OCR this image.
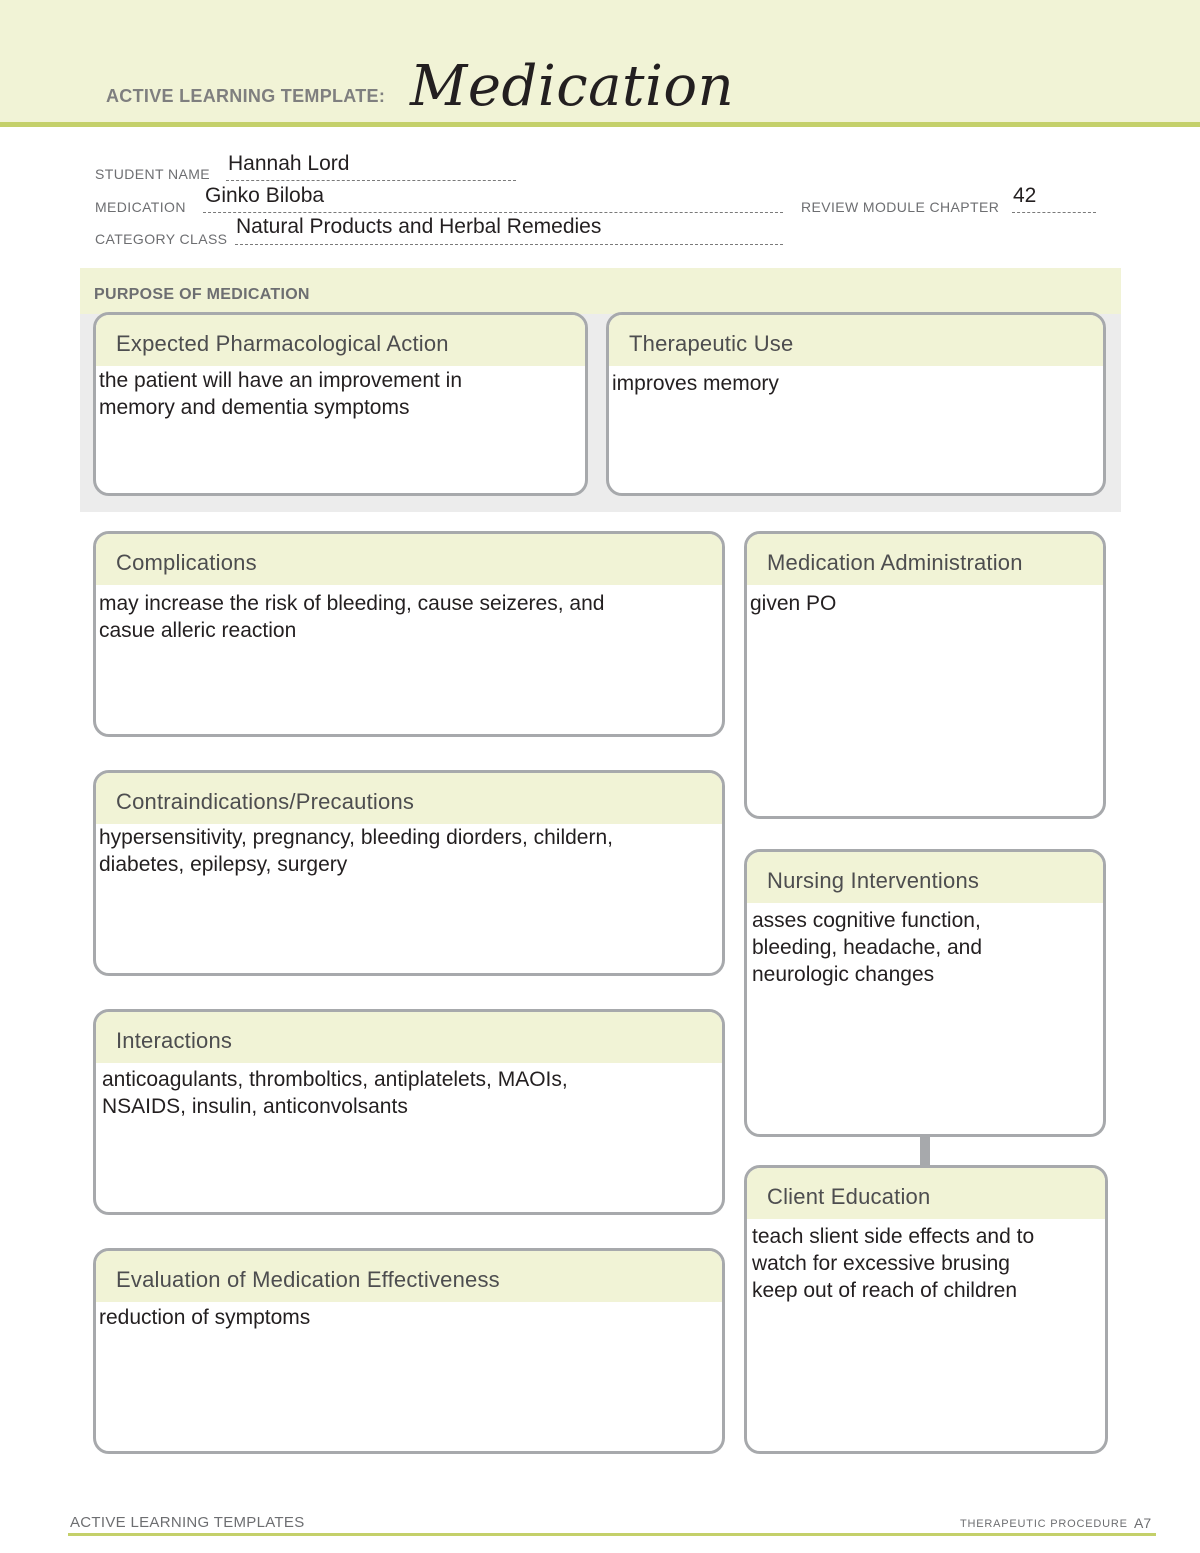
ACTIVE LEARNING TEMPLATE: Medication
STUDENT NAME Hannah Lord
MEDICATION Ginko Biloba	REVIEW MODULE CHAPTER 42
CATEGORY CLASS
Natural Products and Herbal Remedies
PURPOSE OF MEDICATION
Expected Pharmacological Action
the patient will have an improvement in
memory and dementia symptoms
Therapeutic Use
improves memory
Complications
may increase the risk of bleeding, cause seizeres, and
casue alleric reaction
Contraindications/Precautions
hypersensitivity, pregnancy, bleeding diorders, childern,
diabetes, epilepsy, surgery
Interactions
anticoagulants, thromboltics, antiplatelets, MAOIs,
NSAIDS, insulin, anticonvolsants
Evaluation of Medication Effectiveness
reduction of symptoms
Medication Administration
given PO
Nursing Interventions
asses cognitive function,
bleeding, headache, and
neurologic changes
Client Education
teach slient side effects and to
watch for excessive brusing
keep out of reach of children
ACTIVE LEARNING TEMPLATES	THERAPEUTIC PROCEDURE A7
